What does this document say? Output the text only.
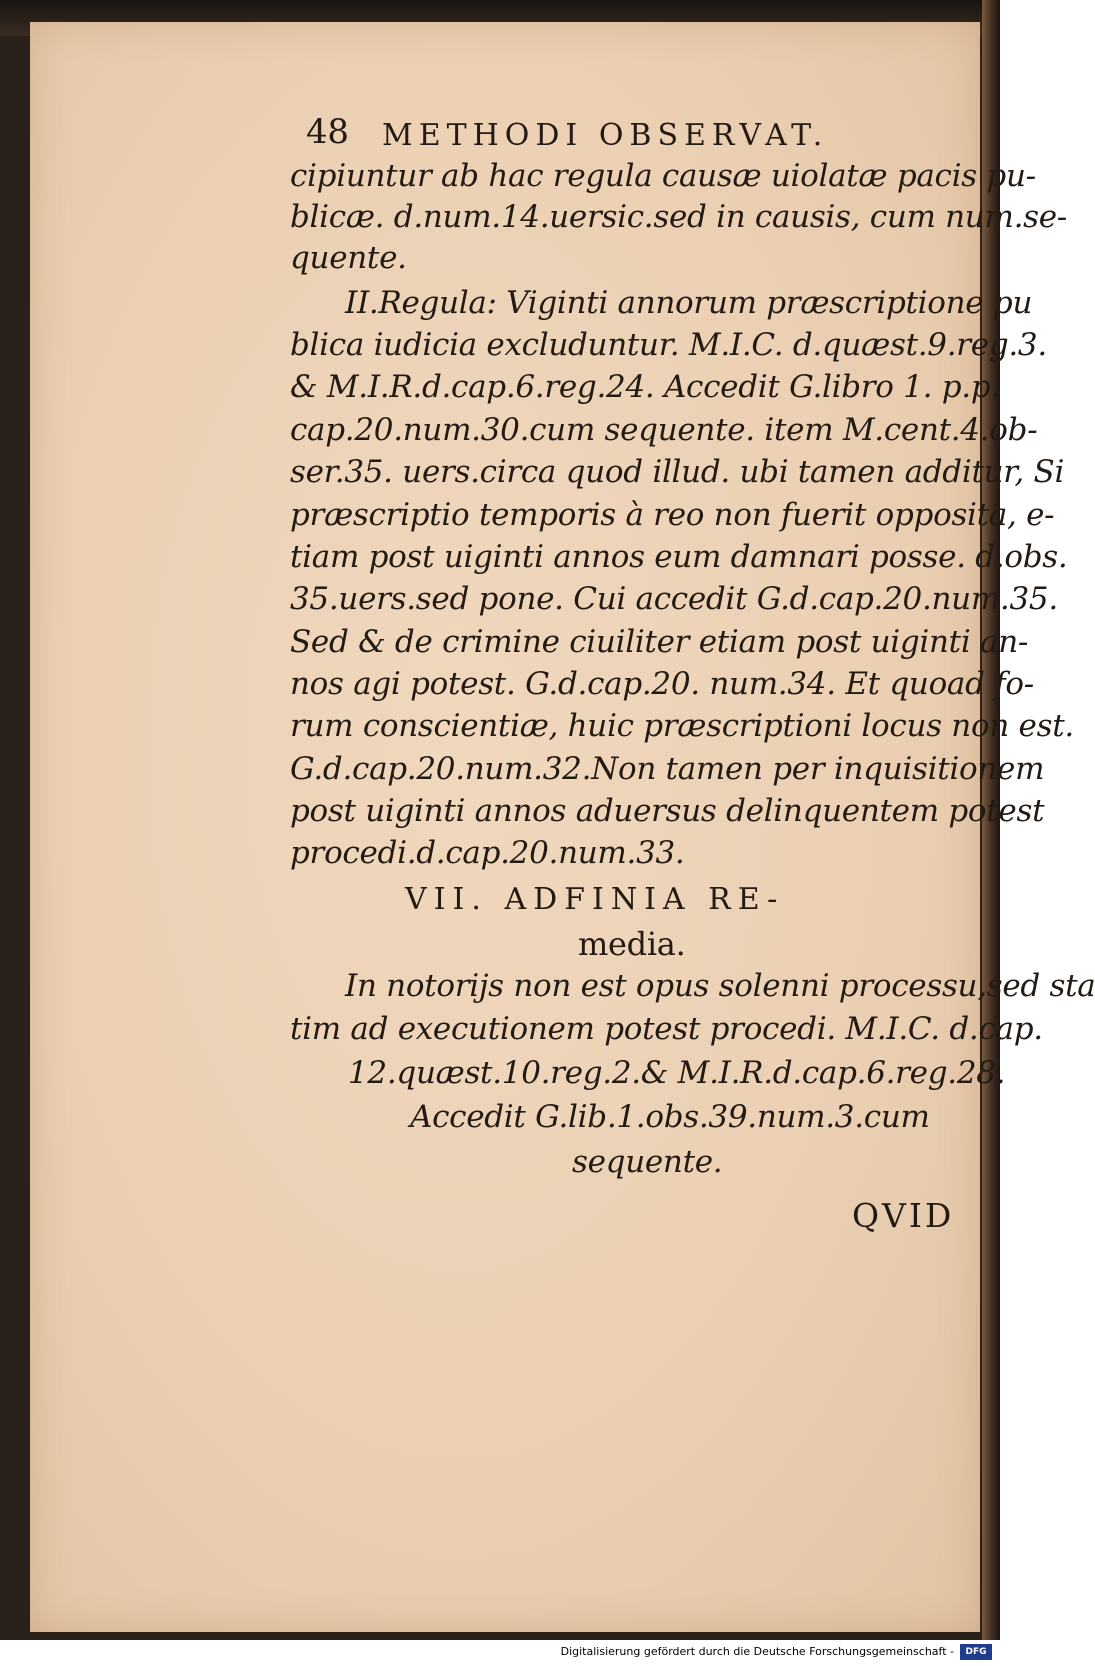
48 METHODI OBSERVAT.
cipiuntur ab hac regula causæ uiolatæ pacis pu-
blicæ. d.num.14.uersic.sed in causis, cum num.se-
quente.
II.Regula: Viginti annorum præscriptione pu
blica iudicia excluduntur. M.I.C. d.quæst.9.reg.3.
& M.I.R.d.cap.6.reg.24. Accedit G.libro 1. p.p.
cap.20.num.30.cum sequente. item M.cent.4.ob-
ser.35. uers.circa quod illud. ubi tamen additur, Si
præscriptio temporis à reo non fuerit opposita, e-
tiam post uiginti annos eum damnari posse. d.obs.
35.uers.sed pone. Cui accedit G.d.cap.20.num.35.
Sed & de crimine ciuiliter etiam post uiginti an-
nos agi potest. G.d.cap.20. num.34. Et quoad fo-
rum conscientiæ, huic præscriptioni locus non est.
G.d.cap.20.num.32.Non tamen per inquisitionem
post uiginti annos aduersus delinquentem potest
procedi.d.cap.20.num.33.
VII. ADFINIA RE-
media.
In notorijs non est opus solenni processu,sed sta
tim ad executionem potest procedi. M.I.C. d.cap.
12.quæst.10.reg.2.& M.I.R.d.cap.6.reg.28.
Accedit G.lib.1.obs.39.num.3.cum
sequente.
QVID
Digitalisierung gefördert durch die Deutsche Forschungsgemeinschaft -	DFG
